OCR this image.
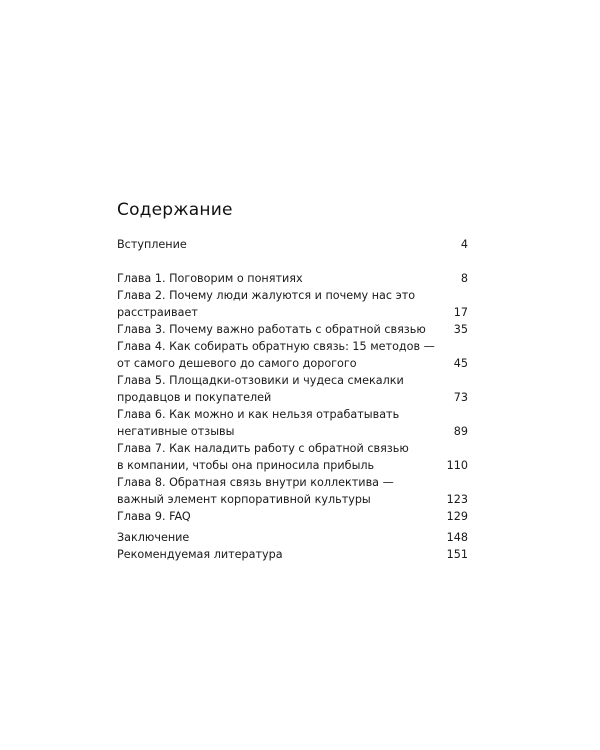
Содержание
Вступление	4
Глава 1. Поговорим о понятиях	8
Глава 2. Почему люди жалуются и почему нас это
расстраивает	17
Глава 3. Почему важно работать с обратной связью 35
Глава 4. Как собирать обратную связь: 15 методов —
от самого дешевого до самого дорогого	45
Глава 5. Площадки-отзовики и чудеса смекалки
продавцов и покупателей	73
Глава 6. Как можно и как нельзя отрабатывать
негативные отзывы	89
Глава 7. Как наладить работу с обратной связью
в компании, чтобы она приносила прибыль	110
Глава 8. Обратная связь внутри коллектива —
важный элемент корпоративной культуры	123
Глава 9. FAQ	129
Заключение	148
Рекомендуемая литература	151
